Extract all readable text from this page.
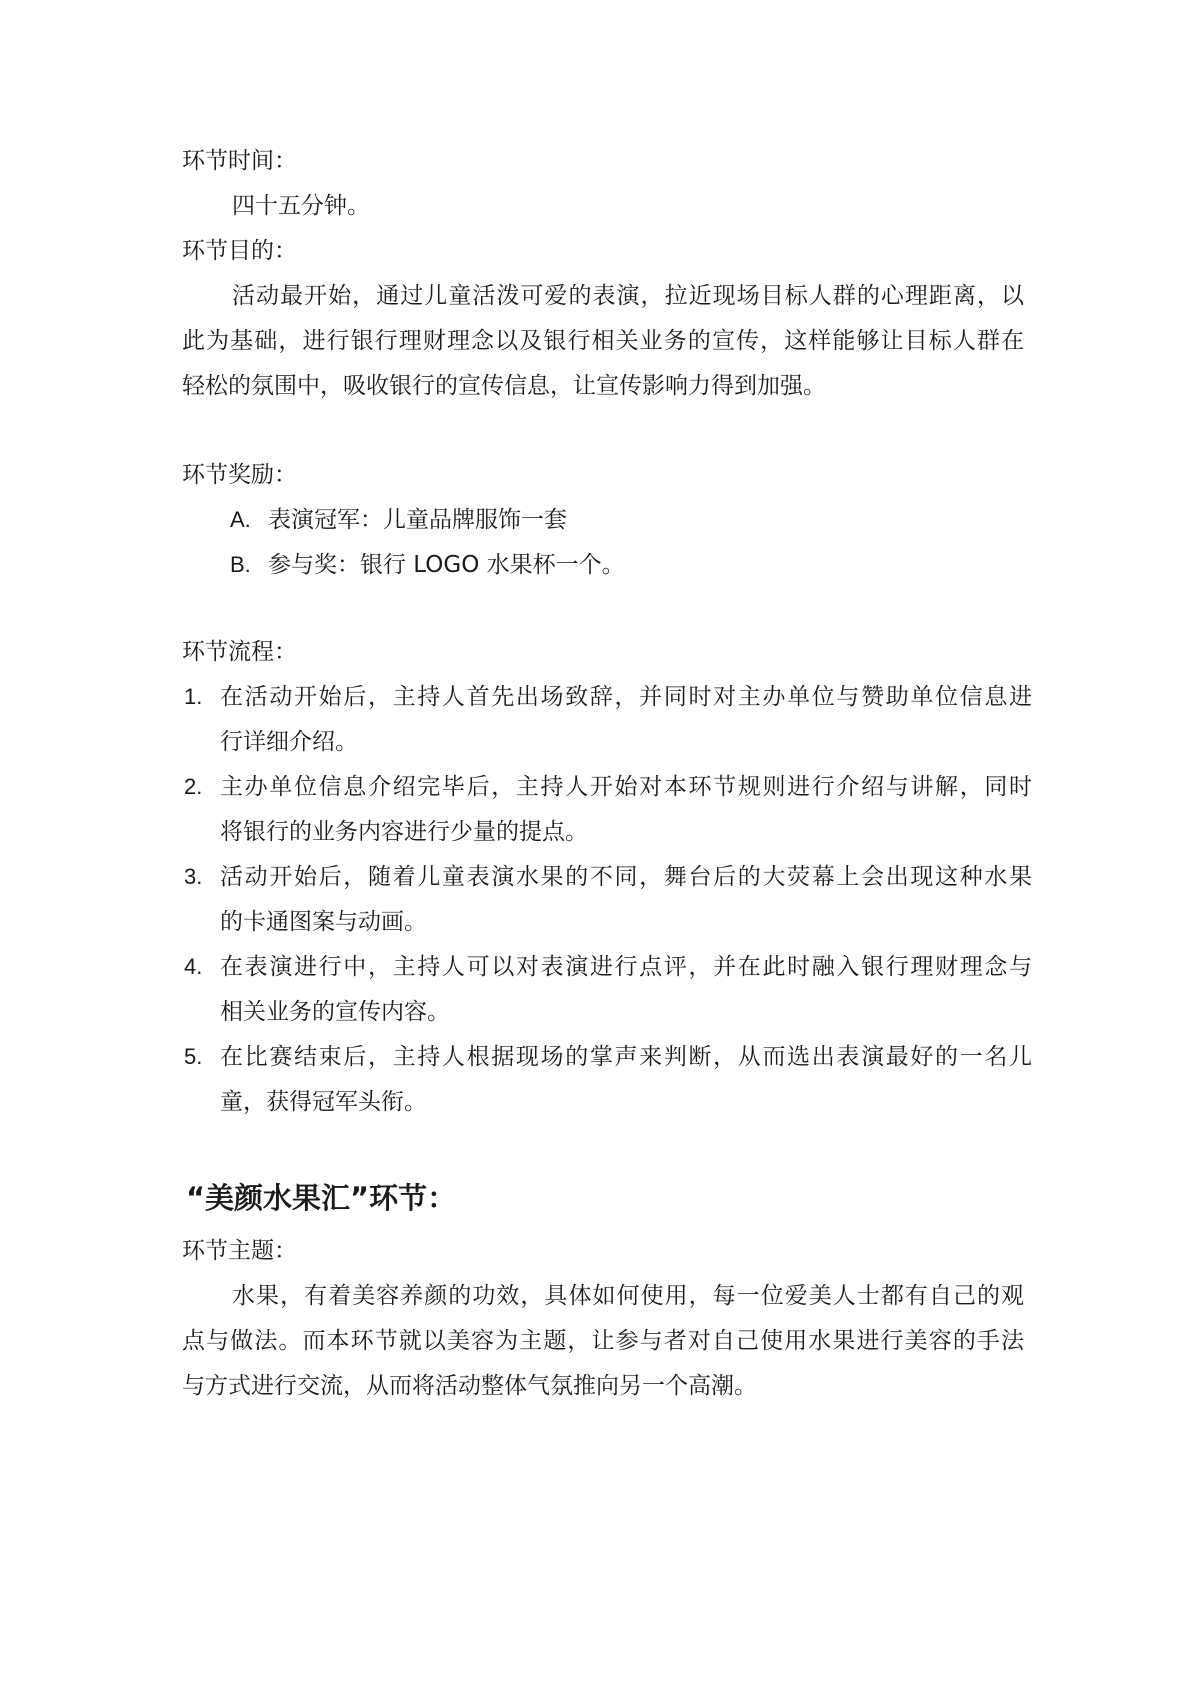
环节时间：
四十五分钟。
环节目的：
活动最开始，通过儿童活泼可爱的表演，拉近现场目标人群的心理距离，以
此为基础，进行银行理财理念以及银行相关业务的宣传，这样能够让目标人群在
轻松的氛围中，吸收银行的宣传信息，让宣传影响力得到加强。
环节奖励：
A. 表演冠军：儿童品牌服饰一套
B. 参与奖：银行 LOGO 水果杯一个。
环节流程：
1. 在活动开始后，主持人首先出场致辞，并同时对主办单位与赞助单位信息进
行详细介绍。
2. 主办单位信息介绍完毕后，主持人开始对本环节规则进行介绍与讲解，同时
将银行的业务内容进行少量的提点。
3. 活动开始后，随着儿童表演水果的不同，舞台后的大荧幕上会出现这种水果
的卡通图案与动画。
4. 在表演进行中，主持人可以对表演进行点评，并在此时融入银行理财理念与
相关业务的宣传内容。
5. 在比赛结束后，主持人根据现场的掌声来判断，从而选出表演最好的一名儿
童，获得冠军头衔。
“美颜水果汇”环节：
环节主题：
水果，有着美容养颜的功效，具体如何使用，每一位爱美人士都有自己的观
点与做法。而本环节就以美容为主题，让参与者对自己使用水果进行美容的手法
与方式进行交流，从而将活动整体气氛推向另一个高潮。
